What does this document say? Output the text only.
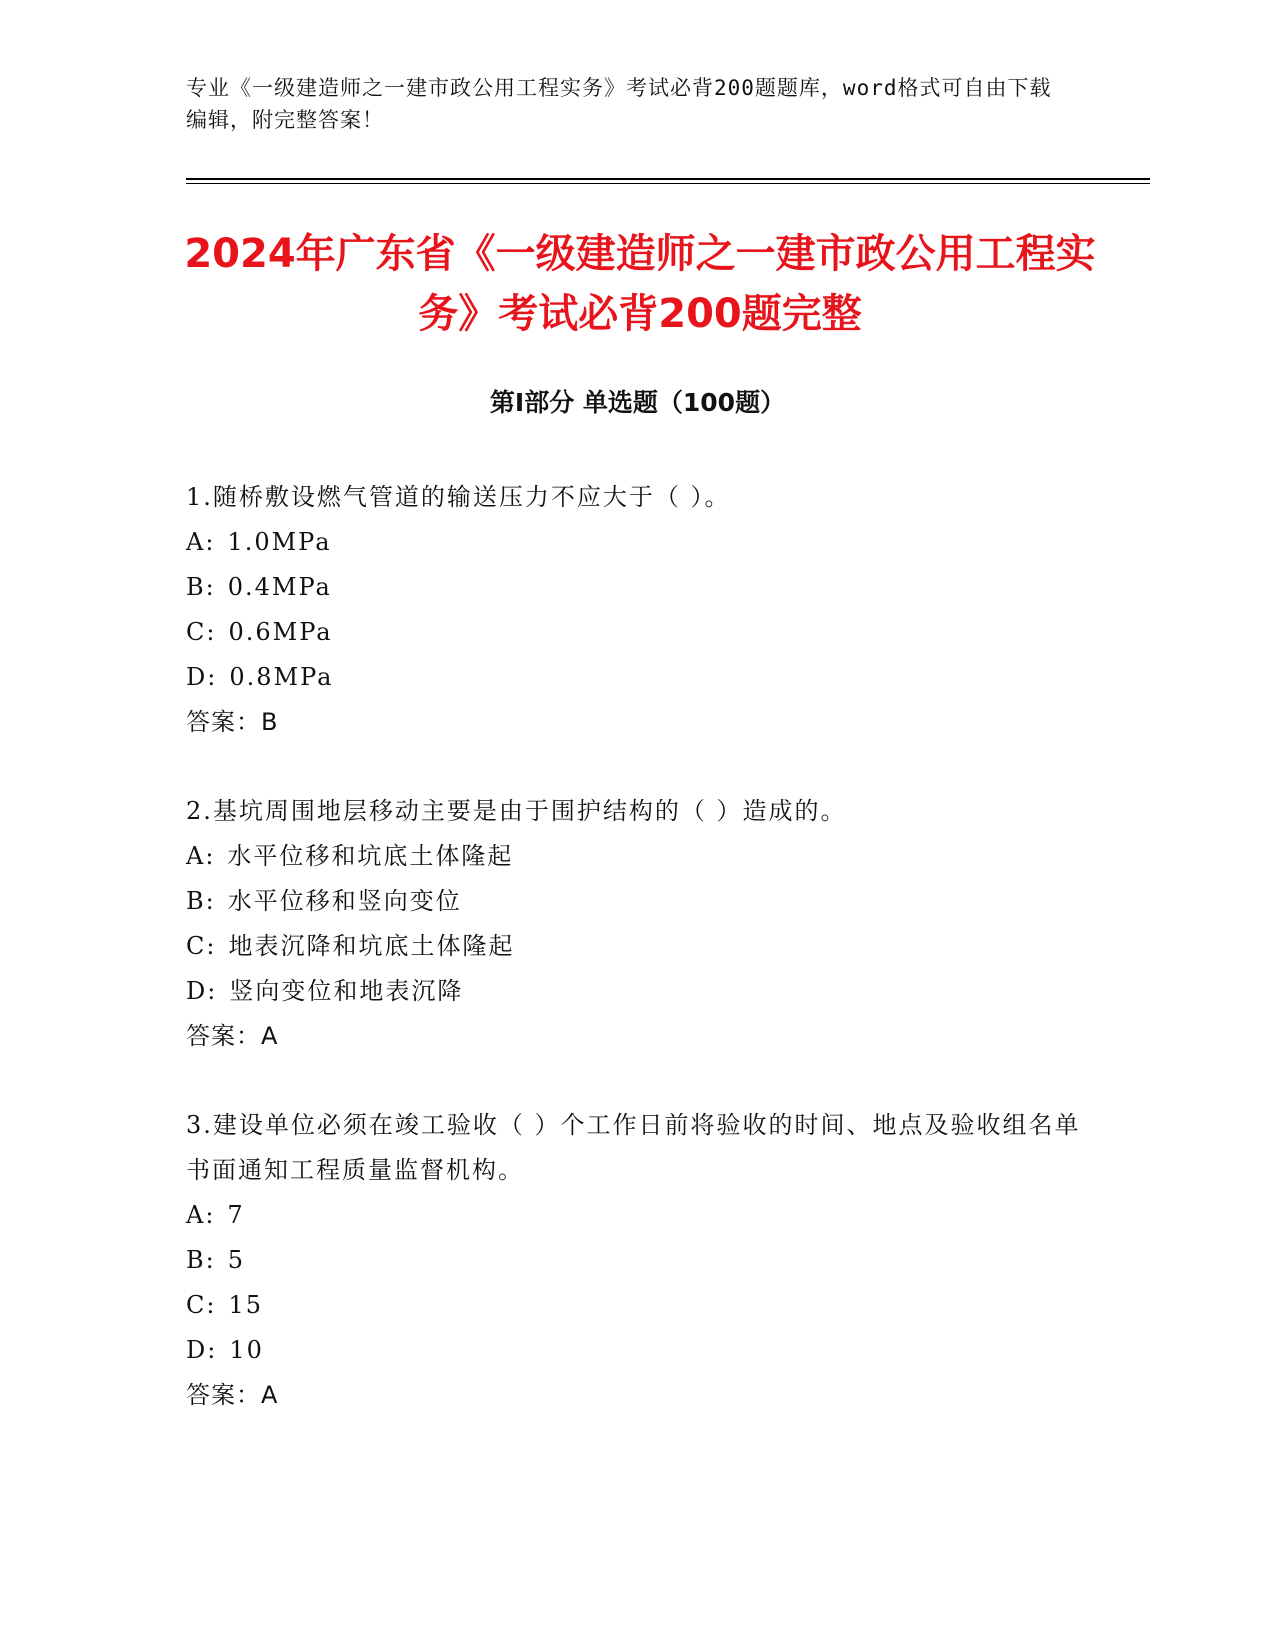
专业《一级建造师之一建市政公用工程实务》考试必背200题题库，word格式可自由下载编辑，附完整答案！
2024年广东省《一级建造师之一建市政公用工程实务》考试必背200题完整
第I部分 单选题（100题）
1.随桥敷设燃气管道的输送压力不应大于（ ）。
A: 1.0MPa
B: 0.4MPa
C: 0.6MPa
D: 0.8MPa
答案：B
2.基坑周围地层移动主要是由于围护结构的（ ）造成的。
A: 水平位移和坑底土体隆起
B: 水平位移和竖向变位
C: 地表沉降和坑底土体隆起
D: 竖向变位和地表沉降
答案：A
3.建设单位必须在竣工验收（ ）个工作日前将验收的时间、地点及验收组名单书面通知工程质量监督机构。
A: 7
B: 5
C: 15
D: 10
答案：A
